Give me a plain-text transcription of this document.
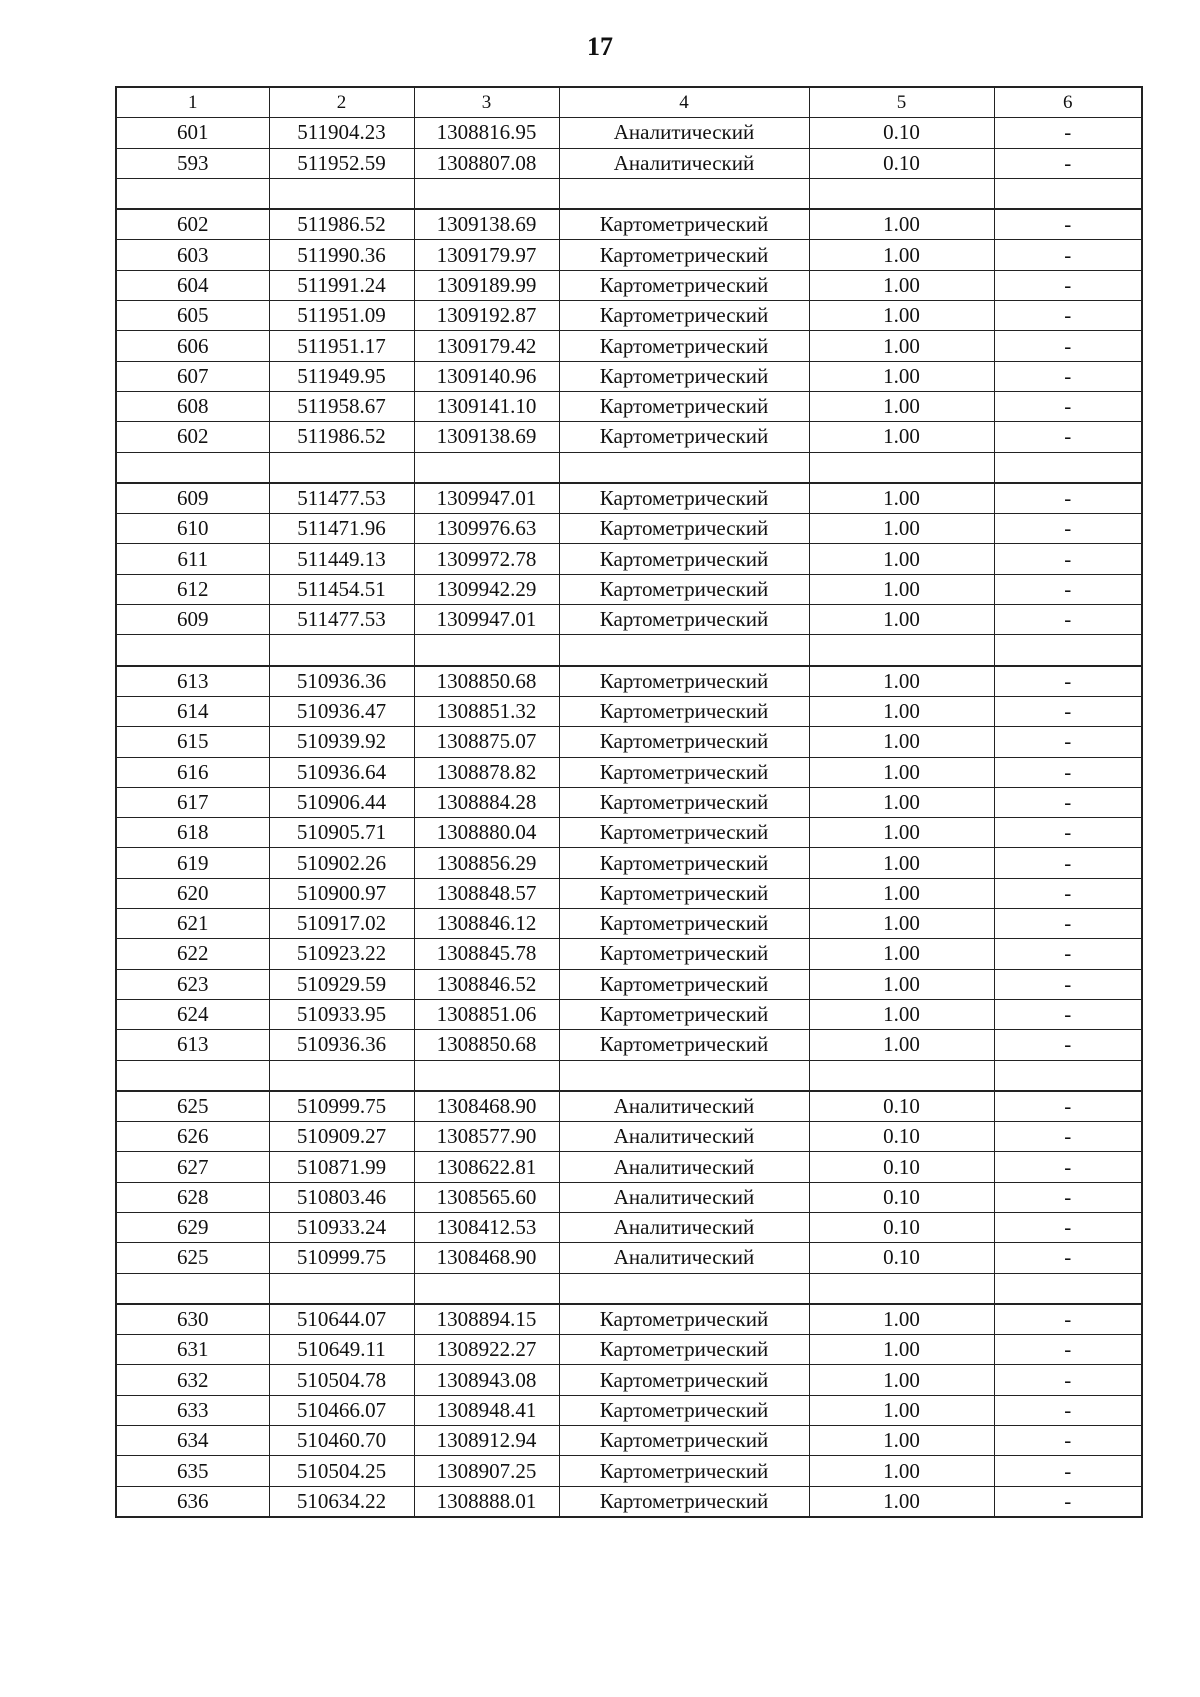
17
1	2	3	4	5	6
601	511904.23	1308816.95	Аналитический	0.10	-
593	511952.59	1308807.08	Аналитический	0.10	-

602	511986.52	1309138.69	Картометрический	1.00	-
603	511990.36	1309179.97	Картометрический	1.00	-
604	511991.24	1309189.99	Картометрический	1.00	-
605	511951.09	1309192.87	Картометрический	1.00	-
606	511951.17	1309179.42	Картометрический	1.00	-
607	511949.95	1309140.96	Картометрический	1.00	-
608	511958.67	1309141.10	Картометрический	1.00	-
602	511986.52	1309138.69	Картометрический	1.00	-

609	511477.53	1309947.01	Картометрический	1.00	-
610	511471.96	1309976.63	Картометрический	1.00	-
611	511449.13	1309972.78	Картометрический	1.00	-
612	511454.51	1309942.29	Картометрический	1.00	-
609	511477.53	1309947.01	Картометрический	1.00	-

613	510936.36	1308850.68	Картометрический	1.00	-
614	510936.47	1308851.32	Картометрический	1.00	-
615	510939.92	1308875.07	Картометрический	1.00	-
616	510936.64	1308878.82	Картометрический	1.00	-
617	510906.44	1308884.28	Картометрический	1.00	-
618	510905.71	1308880.04	Картометрический	1.00	-
619	510902.26	1308856.29	Картометрический	1.00	-
620	510900.97	1308848.57	Картометрический	1.00	-
621	510917.02	1308846.12	Картометрический	1.00	-
622	510923.22	1308845.78	Картометрический	1.00	-
623	510929.59	1308846.52	Картометрический	1.00	-
624	510933.95	1308851.06	Картометрический	1.00	-
613	510936.36	1308850.68	Картометрический	1.00	-

625	510999.75	1308468.90	Аналитический	0.10	-
626	510909.27	1308577.90	Аналитический	0.10	-
627	510871.99	1308622.81	Аналитический	0.10	-
628	510803.46	1308565.60	Аналитический	0.10	-
629	510933.24	1308412.53	Аналитический	0.10	-
625	510999.75	1308468.90	Аналитический	0.10	-

630	510644.07	1308894.15	Картометрический	1.00	-
631	510649.11	1308922.27	Картометрический	1.00	-
632	510504.78	1308943.08	Картометрический	1.00	-
633	510466.07	1308948.41	Картометрический	1.00	-
634	510460.70	1308912.94	Картометрический	1.00	-
635	510504.25	1308907.25	Картометрический	1.00	-
636	510634.22	1308888.01	Картометрический	1.00	-
